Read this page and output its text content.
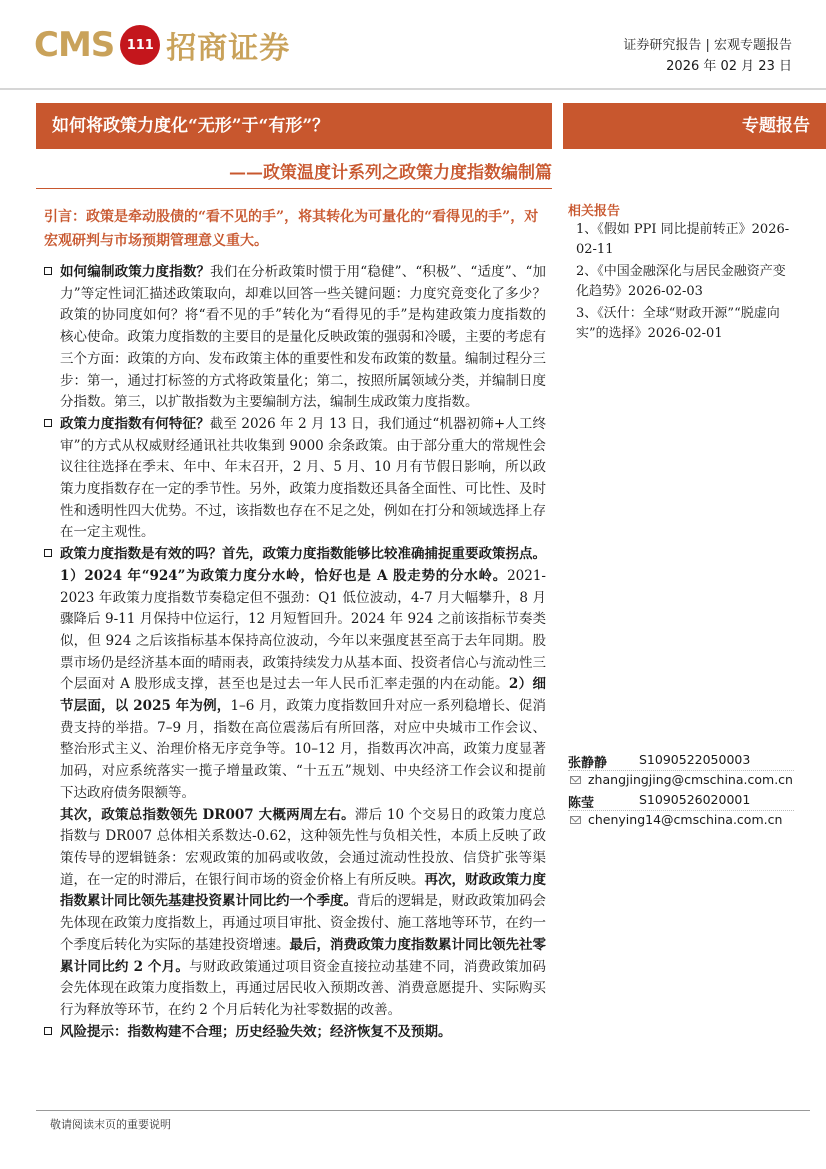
CMS 111 招商证券	证券研究报告 | 宏观专题报告
2026 年 02 月 23 日
如何将政策力度化“无形”于“有形”？	专题报告
——政策温度计系列之政策力度指数编制篇
引言：政策是牵动股债的“看不见的手”，将其转化为可量化的“看得见的手”，对宏观研判与市场预期管理意义重大。

如何编制政策力度指数？我们在分析政策时惯于用“稳健”、“积极”、“适度”、“加力”等定性词汇描述政策取向，却难以回答一些关键问题：力度究竟变化了多少？政策的协同度如何？将“看不见的手”转化为“看得见的手”是构建政策力度指数的核心使命。政策力度指数的主要目的是量化反映政策的强弱和冷暖，主要的考虑有三个方面：政策的方向、发布政策主体的重要性和发布政策的数量。编制过程分三步：第一，通过打标签的方式将政策量化；第二，按照所属领域分类，并编制日度分指数。第三，以扩散指数为主要编制方法，编制生成政策力度指数。

政策力度指数有何特征？截至 2026 年 2 月 13 日，我们通过“机器初筛+人工终审”的方式从权威财经通讯社共收集到 9000 余条政策。由于部分重大的常规性会议往往选择在季末、年中、年末召开，2 月、5 月、10 月有节假日影响，所以政策力度指数存在一定的季节性。另外，政策力度指数还具备全面性、可比性、及时性和透明性四大优势。不过，该指数也存在不足之处，例如在打分和领域选择上存在一定主观性。

政策力度指数是有效的吗？首先，政策力度指数能够比较准确捕捉重要政策拐点。1）2024 年“924”为政策力度分水岭，恰好也是 A 股走势的分水岭。2021-2023 年政策力度指数节奏稳定但不强劲：Q1 低位波动，4-7 月大幅攀升，8 月骤降后 9-11 月保持中位运行，12 月短暂回升。2024 年 924 之前该指标节奏类似，但 924 之后该指标基本保持高位波动，今年以来强度甚至高于去年同期。股票市场仍是经济基本面的晴雨表，政策持续发力从基本面、投资者信心与流动性三个层面对 A 股形成支撑，甚至也是过去一年人民币汇率走强的内在动能。2）细节层面，以 2025 年为例，1–6 月，政策力度指数回升对应一系列稳增长、促消费支持的举措。7–9 月，指数在高位震荡后有所回落，对应中央城市工作会议、整治形式主义、治理价格无序竞争等。10–12 月，指数再次冲高，政策力度显著加码，对应系统落实一揽子增量政策、“十五五”规划、中央经济工作会议和提前下达政府债务限额等。
其次，政策总指数领先 DR007 大概两周左右。滞后 10 个交易日的政策力度总指数与 DR007 总体相关系数达-0.62，这种领先性与负相关性，本质上反映了政策传导的逻辑链条：宏观政策的加码或收敛，会通过流动性投放、信贷扩张等渠道，在一定的时滞后，在银行间市场的资金价格上有所反映。再次，财政政策力度指数累计同比领先基建投资累计同比约一个季度。背后的逻辑是，财政政策加码会先体现在政策力度指数上，再通过项目审批、资金拨付、施工落地等环节，在约一个季度后转化为实际的基建投资增速。最后，消费政策力度指数累计同比领先社零累计同比约 2 个月。与财政政策通过项目资金直接拉动基建不同，消费政策加码会先体现在政策力度指数上，再通过居民收入预期改善、消费意愿提升、实际购买行为释放等环节，在约 2 个月后转化为社零数据的改善。

风险提示：指数构建不合理；历史经验失效；经济恢复不及预期。

相关报告

1、《假如 PPI 同比提前转正》2026-02-11

2、《中国金融深化与居民金融资产变化趋势》2026-02-03

3、《沃什：全球“财政开源”“脱虚向实”的选择》2026-02-01

张静静	S1090522050003
zhangjingjing@cmschina.com.cn
陈莹	S1090526020001
chenying14@cmschina.com.cn
敬请阅读末页的重要说明
